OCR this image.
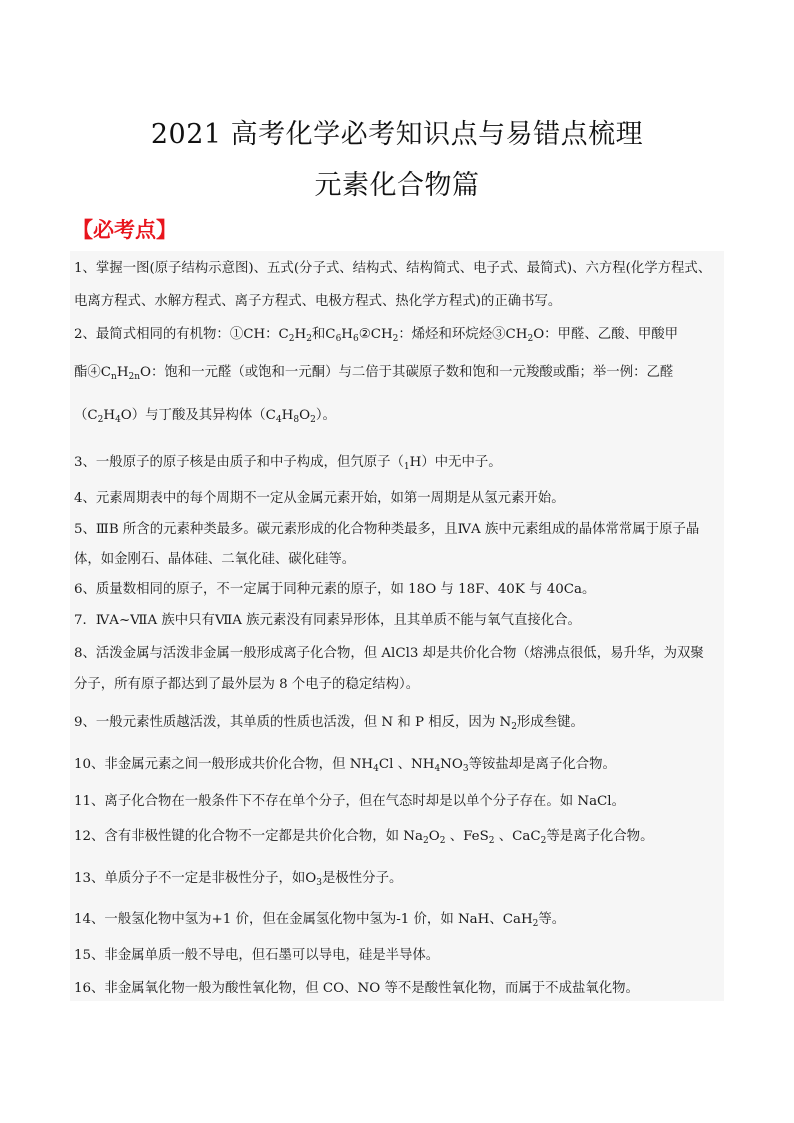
2021 高考化学必考知识点与易错点梳理
元素化合物篇
【必考点】
1、掌握一图(原子结构示意图)、五式(分子式、结构式、结构简式、电子式、最简式)、六方程(化学方程式、
电离方程式、水解方程式、离子方程式、电极方程式、热化学方程式)的正确书写。
2、最简式相同的有机物：①CH：$C_2H_2$和$C_6H_6②CH_2$：烯烃和环烷烃$③CH_2O$：甲醛、乙酸、甲酸甲
酯$④C_nH_{2n}O$：饱和一元醛（或饱和一元酮）与二倍于其碳原子数和饱和一元羧酸或酯；举一例：乙醛
$(C_2H_4O)$与丁酸及其异构体$(C_4H_8O_2)$。
3、一般原子的原子核是由质子和中子构成，但氕原子$(_1H)$中无中子。
4、元素周期表中的每个周期不一定从金属元素开始，如第一周期是从氢元素开始。
5、ⅢB 所含的元素种类最多。碳元素形成的化合物种类最多，且ⅣA 族中元素组成的晶体常常属于原子晶
体，如金刚石、晶体硅、二氧化硅、碳化硅等。
6、质量数相同的原子，不一定属于同种元素的原子，如 18O 与 18F、40K 与 40Ca。
7．ⅣA~ⅦA 族中只有ⅦA 族元素没有同素异形体，且其单质不能与氧气直接化合。
8、活泼金属与活泼非金属一般形成离子化合物，但 AlCl3 却是共价化合物（熔沸点很低，易升华，为双聚
分子，所有原子都达到了最外层为 8 个电子的稳定结构）。
9、一般元素性质越活泼，其单质的性质也活泼，但 N 和 P 相反，因为 $N_2$形成叁键。
10、非金属元素之间一般形成共价化合物，但 $NH_4Cl$ 、$NH_4NO_3$等铵盐却是离子化合物。
11、离子化合物在一般条件下不存在单个分子，但在气态时却是以单个分子存在。如 NaCl。
12、含有非极性键的化合物不一定都是共价化合物，如 $Na_2O_2$ 、FeS$_2$ 、CaC$_2$等是离子化合物。
13、单质分子不一定是非极性分子，如$O_3$是极性分子。
14、一般氢化物中氢为+1 价，但在金属氢化物中氢为-1 价，如 NaH、CaH$_2$等。
15、非金属单质一般不导电，但石墨可以导电，硅是半导体。
16、非金属氧化物一般为酸性氧化物，但 CO、NO 等不是酸性氧化物，而属于不成盐氧化物。
